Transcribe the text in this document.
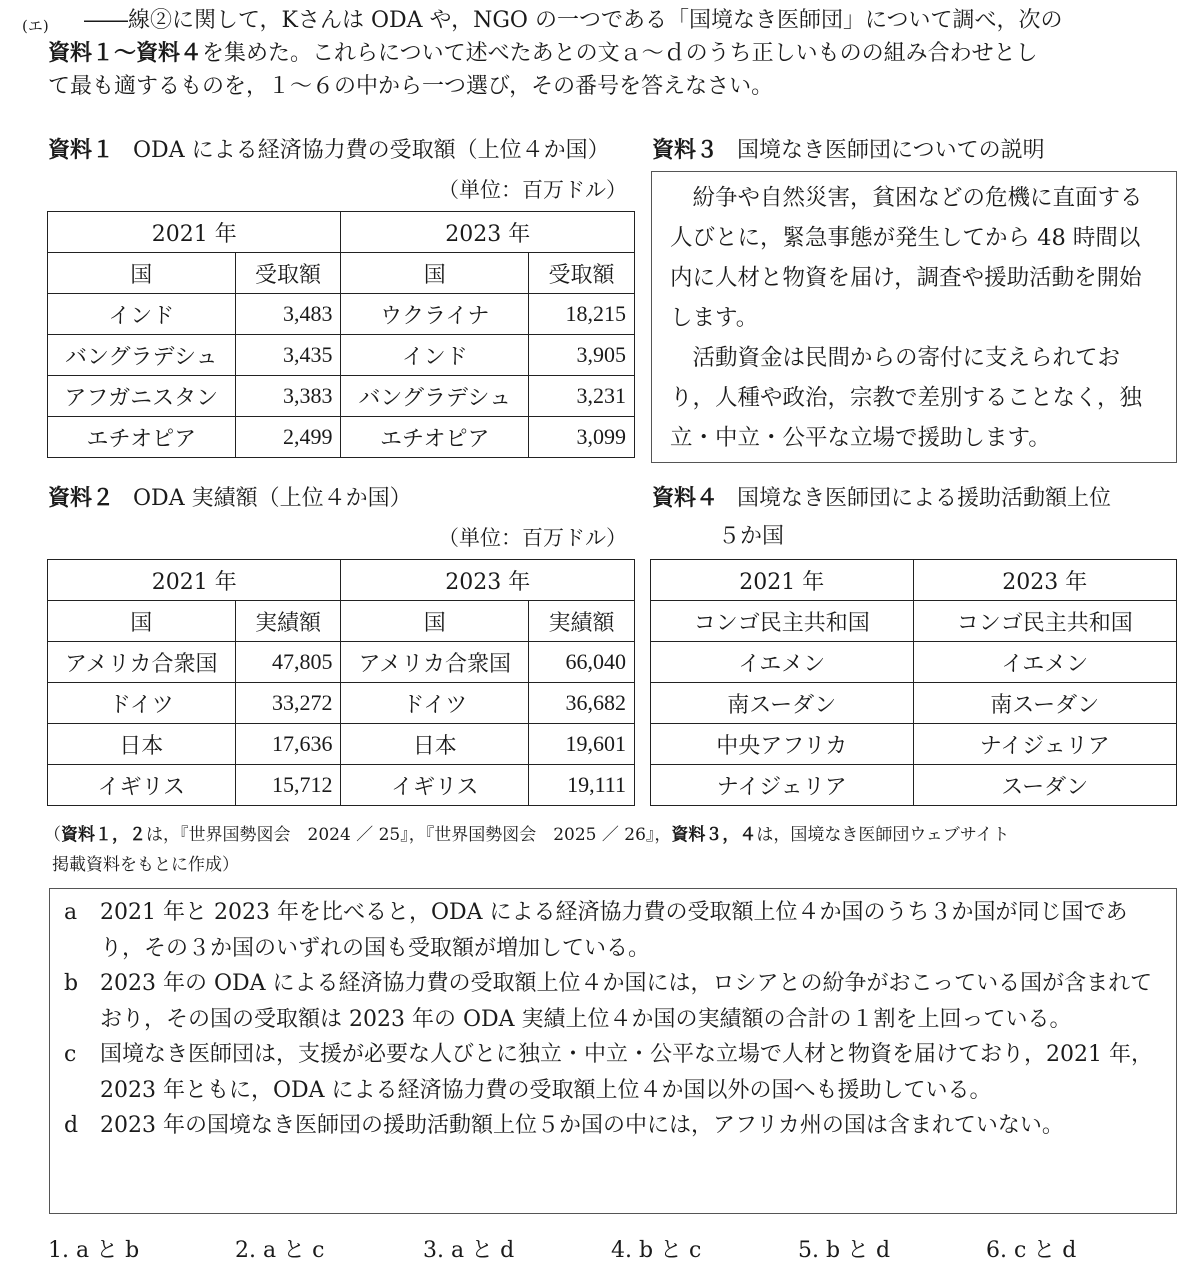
(エ)	――線②に関して，Kさんは ODA や，NGO の一つである「国境なき医師団」について調べ，次の
資料１～資料４を集めた。これらについて述べたあとの文ａ～ｄのうち正しいものの組み合わせとし
て最も適するものを，１～６の中から一つ選び，その番号を答えなさい。
資料１ ODA による経済協力費の受取額（上位４か国）
（単位：百万ドル）
2021 年		2023 年	
国	受取額	国	受取額
インド	3,483	ウクライナ	18,215
バングラデシュ	3,435	インド	3,905
アフガニスタン	3,383	バングラデシュ	3,231
エチオピア	2,499	エチオピア	3,099
資料３ 国境なき医師団についての説明

紛争や自然災害，貧困などの危機に直面する人びとに，緊急事態が発生してから 48 時間以内に人材と物資を届け，調査や援助活動を開始します。

活動資金は民間からの寄付に支えられており，人種や政治，宗教で差別することなく，独立・中立・公平な立場で援助します。

資料２ ODA 実績額（上位４か国）
（単位：百万ドル）
2021 年		2023 年	
国	実績額	国	実績額
アメリカ合衆国	47,805	アメリカ合衆国	66,040
ドイツ	33,272	ドイツ	36,682
日本	17,636	日本	19,601
イギリス	15,712	イギリス	19,111
資料４ 国境なき医師団による援助活動額上位
５か国
2021 年	2023 年
コンゴ民主共和国	コンゴ民主共和国
イエメン	イエメン
南スーダン	南スーダン
中央アフリカ	ナイジェリア
ナイジェリア	スーダン
（資料１，２は，『世界国勢図会　2024 ／ 25』，『世界国勢図会　2025 ／ 26』，資料３，４は，国境なき医師団ウェブサイト
掲載資料をもとに作成）
a 2021 年と 2023 年を比べると，ODA による経済協力費の受取額上位４か国のうち３か国が同じ国であり，その３か国のいずれの国も受取額が増加している。
b 2023 年の ODA による経済協力費の受取額上位４か国には，ロシアとの紛争がおこっている国が含まれており，その国の受取額は 2023 年の ODA 実績上位４か国の実績額の合計の１割を上回っている。
c 国境なき医師団は，支援が必要な人びとに独立・中立・公平な立場で人材と物資を届けており，2021 年，2023 年ともに，ODA による経済協力費の受取額上位４か国以外の国へも援助している。
d 2023 年の国境なき医師団の援助活動額上位５か国の中には，アフリカ州の国は含まれていない。
1. a と b	2. a と c	3. a と d	4. b と c	5. b と d	6. c と d
